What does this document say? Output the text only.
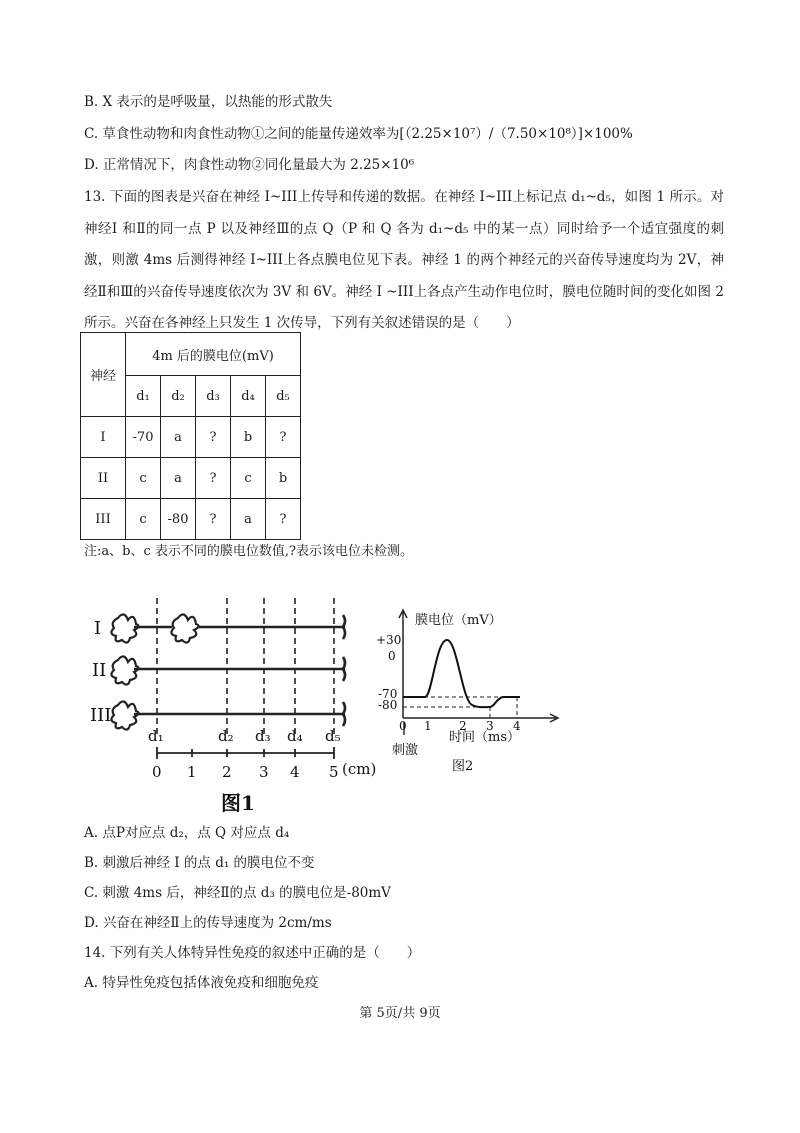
B. X 表示的是呼吸量，以热能的形式散失
C. 草食性动物和肉食性动物①之间的能量传递效率为[（2.25×10⁷）/（7.50×10⁸）]×100%
D. 正常情况下，肉食性动物②同化量最大为 2.25×10⁶
13. 下面的图表是兴奋在神经 I~III上传导和传递的数据。在神经 I~III上标记点 d₁~d₅，如图 1 所示。对神经Ⅰ 和Ⅱ的同一点 P 以及神经Ⅲ的点 Q（P 和 Q 各为 d₁~d₅ 中的某一点）同时给予一个适宜强度的刺激，则激 4ms 后测得神经 I~III上各点膜电位见下表。神经 1 的两个神经元的兴奋传导速度均为 2V，神经Ⅱ和Ⅲ的兴奋传导速度依次为 3V 和 6V。神经 I ~III上各点产生动作电位时，膜电位随时间的变化如图 2 所示。兴奋在各神经上只发生 1 次传导，下列有关叙述错误的是（　　）
神经	4m 后的膜电位(mV)				
	d₁	d₂	d₃	d₄	d₅
I	-70	a	?	b	?
II	c	a	?	c	b
III	c	-80	?	a	?
注:a、b、c 表示不同的膜电位数值,?表示该电位未检测。
I
II
III
d₁	d₂ d₃ d₄ d₅
0 1 2 3 4 5 (cm)
图1
+30
0
-70
-80
0 1 2 3 4
膜电位（mV）
时间（ms）
刺激
图2
A. 点P对应点 d₂，点 Q 对应点 d₄
B. 刺激后神经 I 的点 d₁ 的膜电位不变
C. 刺激 4ms 后，神经Ⅱ的点 d₃ 的膜电位是-80mV
D. 兴奋在神经Ⅱ上的传导速度为 2cm/ms
14. 下列有关人体特异性免疫的叙述中正确的是（　　）
A. 特异性免疫包括体液免疫和细胞免疫
第 5页/共 9页
